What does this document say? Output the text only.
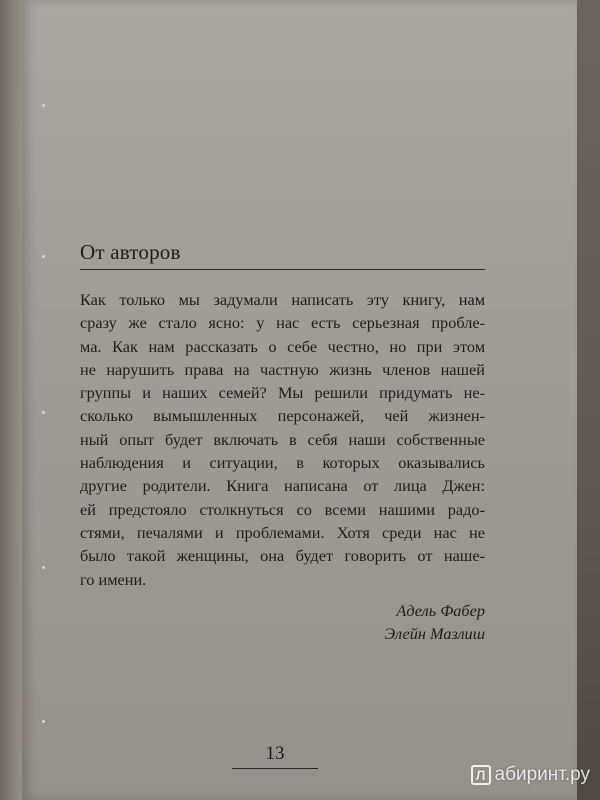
От авторов
Как только мы задумали написать эту книгу, нам
сразу же стало ясно: у нас есть серьезная пробле-
ма. Как нам рассказать о себе честно, но при этом
не нарушить права на частную жизнь членов нашей
группы и наших семей? Мы решили придумать не-
сколько вымышленных персонажей, чей жизнен-
ный опыт будет включать в себя наши собственные
наблюдения и ситуации, в которых оказывались
другие родители. Книга написана от лица Джен:
ей предстояло столкнуться со всеми нашими радо-
стями, печалями и проблемами. Хотя среди нас не
было такой женщины, она будет говорить от наше-
го имени.
Адель Фабер
Элейн Мазлиш
13
Л абиринт.ру
